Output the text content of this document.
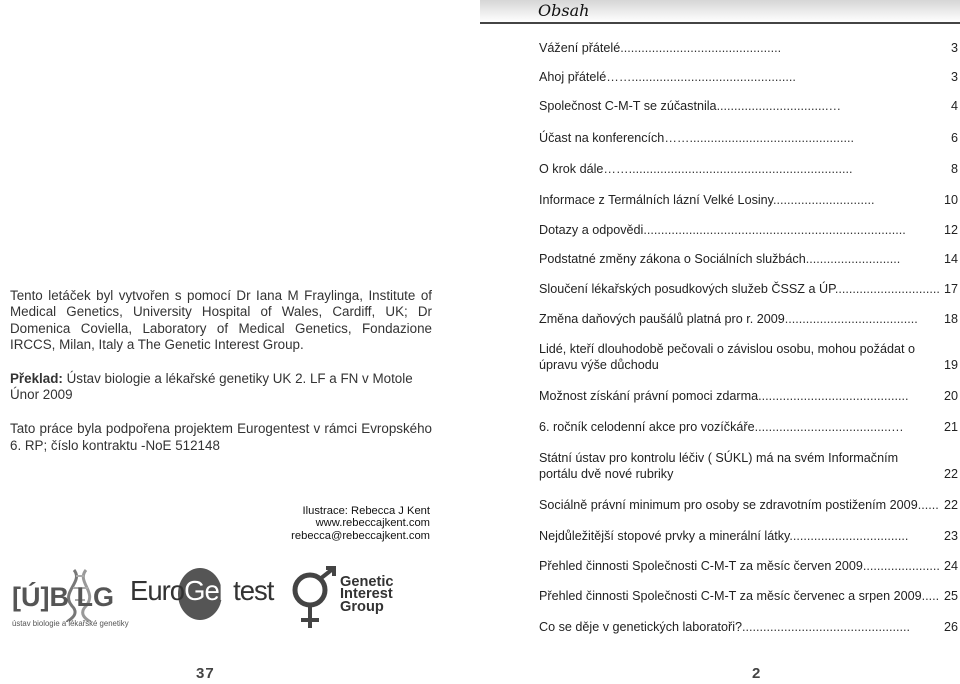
Tento letáček byl vytvořen s pomocí Dr Iana M Fraylinga, Institute of Medical Genetics, University Hospital of Wales, Cardiff, UK; Dr Domenica Coviella, Laboratory of Medical Genetics, Fondazione IRCCS, Milan, Italy a The Genetic Interest Group.

Překlad: Ústav biologie a lékařské genetiky UK 2. LF a FN v Motole

Únor 2009

Tato práce byla podpořena projektem Eurogentest v rámci Evropského 6. RP; číslo kontraktu -NoE 512148

Ilustrace: Rebecca J Kent
www.rebeccajkent.com
rebecca@rebeccajkent.com
[Ú]B LG
ústav biologie a lékařské genetiky
EuroGentest	Genetic
Interest
Group
37
Obsah
Vážení přátelé..............................................	3
Ahoj přátelé……...............................................	3
Společnost C-M-T se zúčastnila................................…	4
Účast na konferencích……...............................................	6
O krok dále……................................................................	8
Informace z Termálních lázní Velké Losiny.............................	10
Dotazy a odpovědi...........................................................................	12
Podstatné změny zákona o Sociálních službách...........................	14
Sloučení lékařských posudkových služeb ČSSZ a ÚP.............................. 17
Změna daňových paušálů platná pro r. 2009...................................... 18
Lidé, kteří dlouhodobě pečovali o závislou osobu, mohou požádat o úpravu výše důchodu	19
Možnost získání právní pomoci zdarma...........................................	20
6. ročník celodenní akce pro vozíčkáře.......................................…	21
Státní ústav pro kontrolu léčiv ( SÚKL) má na svém Informačním portálu dvě nové rubriky	22
Sociálně právní minimum pro osoby se zdravotním postižením 2009...... 22
Nejdůležitější stopové prvky a minerální látky..................................	23
Přehled činnosti Společnosti C-M-T za měsíc červen 2009...................... 24
Přehled činnosti Společnosti C-M-T za měsíc červenec a srpen 2009..... 25
Co se děje v genetických laboratoři?................................................	26
2
